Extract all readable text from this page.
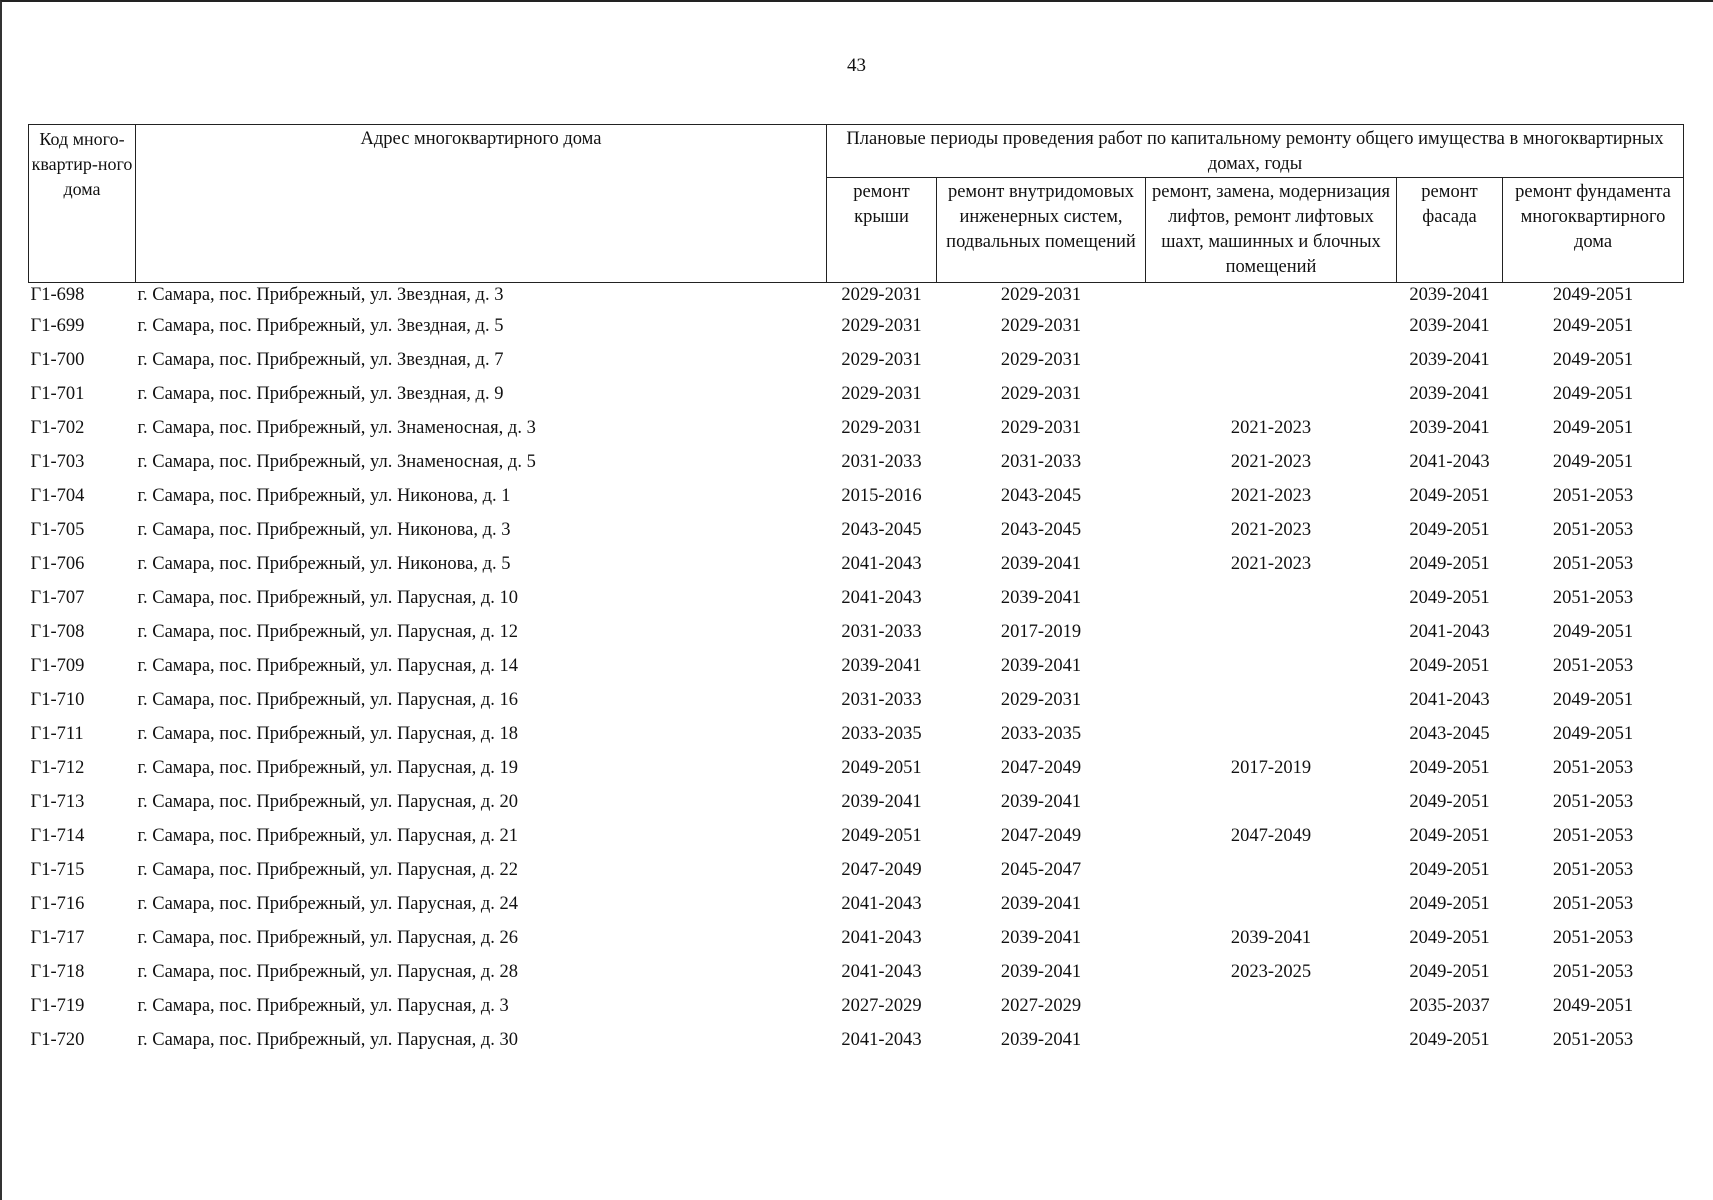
43
Код много-квартир-ного дома	Адрес многоквартирного дома	Плановые периоды проведения работ по капитальному ремонту общего имущества в многоквартирных домах, годы				
		ремонт крыши	ремонт внутридомовых инженерных систем, подвальных помещений	ремонт, замена, модернизация лифтов, ремонт лифтовых шахт, машинных и блочных помещений	ремонт фасада	ремонт фундамента многоквартирного дома
Г1-698	г. Самара, пос. Прибрежный, ул. Звездная, д. 3	2029-2031	2029-2031		2039-2041	2049-2051
Г1-699	г. Самара, пос. Прибрежный, ул. Звездная, д. 5	2029-2031	2029-2031		2039-2041	2049-2051
Г1-700	г. Самара, пос. Прибрежный, ул. Звездная, д. 7	2029-2031	2029-2031		2039-2041	2049-2051
Г1-701	г. Самара, пос. Прибрежный, ул. Звездная, д. 9	2029-2031	2029-2031		2039-2041	2049-2051
Г1-702	г. Самара, пос. Прибрежный, ул. Знаменосная, д. 3	2029-2031	2029-2031	2021-2023	2039-2041	2049-2051
Г1-703	г. Самара, пос. Прибрежный, ул. Знаменосная, д. 5	2031-2033	2031-2033	2021-2023	2041-2043	2049-2051
Г1-704	г. Самара, пос. Прибрежный, ул. Никонова, д. 1	2015-2016	2043-2045	2021-2023	2049-2051	2051-2053
Г1-705	г. Самара, пос. Прибрежный, ул. Никонова, д. 3	2043-2045	2043-2045	2021-2023	2049-2051	2051-2053
Г1-706	г. Самара, пос. Прибрежный, ул. Никонова, д. 5	2041-2043	2039-2041	2021-2023	2049-2051	2051-2053
Г1-707	г. Самара, пос. Прибрежный, ул. Парусная, д. 10	2041-2043	2039-2041		2049-2051	2051-2053
Г1-708	г. Самара, пос. Прибрежный, ул. Парусная, д. 12	2031-2033	2017-2019		2041-2043	2049-2051
Г1-709	г. Самара, пос. Прибрежный, ул. Парусная, д. 14	2039-2041	2039-2041		2049-2051	2051-2053
Г1-710	г. Самара, пос. Прибрежный, ул. Парусная, д. 16	2031-2033	2029-2031		2041-2043	2049-2051
Г1-711	г. Самара, пос. Прибрежный, ул. Парусная, д. 18	2033-2035	2033-2035		2043-2045	2049-2051
Г1-712	г. Самара, пос. Прибрежный, ул. Парусная, д. 19	2049-2051	2047-2049	2017-2019	2049-2051	2051-2053
Г1-713	г. Самара, пос. Прибрежный, ул. Парусная, д. 20	2039-2041	2039-2041		2049-2051	2051-2053
Г1-714	г. Самара, пос. Прибрежный, ул. Парусная, д. 21	2049-2051	2047-2049	2047-2049	2049-2051	2051-2053
Г1-715	г. Самара, пос. Прибрежный, ул. Парусная, д. 22	2047-2049	2045-2047		2049-2051	2051-2053
Г1-716	г. Самара, пос. Прибрежный, ул. Парусная, д. 24	2041-2043	2039-2041		2049-2051	2051-2053
Г1-717	г. Самара, пос. Прибрежный, ул. Парусная, д. 26	2041-2043	2039-2041	2039-2041	2049-2051	2051-2053
Г1-718	г. Самара, пос. Прибрежный, ул. Парусная, д. 28	2041-2043	2039-2041	2023-2025	2049-2051	2051-2053
Г1-719	г. Самара, пос. Прибрежный, ул. Парусная, д. 3	2027-2029	2027-2029		2035-2037	2049-2051
Г1-720	г. Самара, пос. Прибрежный, ул. Парусная, д. 30	2041-2043	2039-2041		2049-2051	2051-2053
